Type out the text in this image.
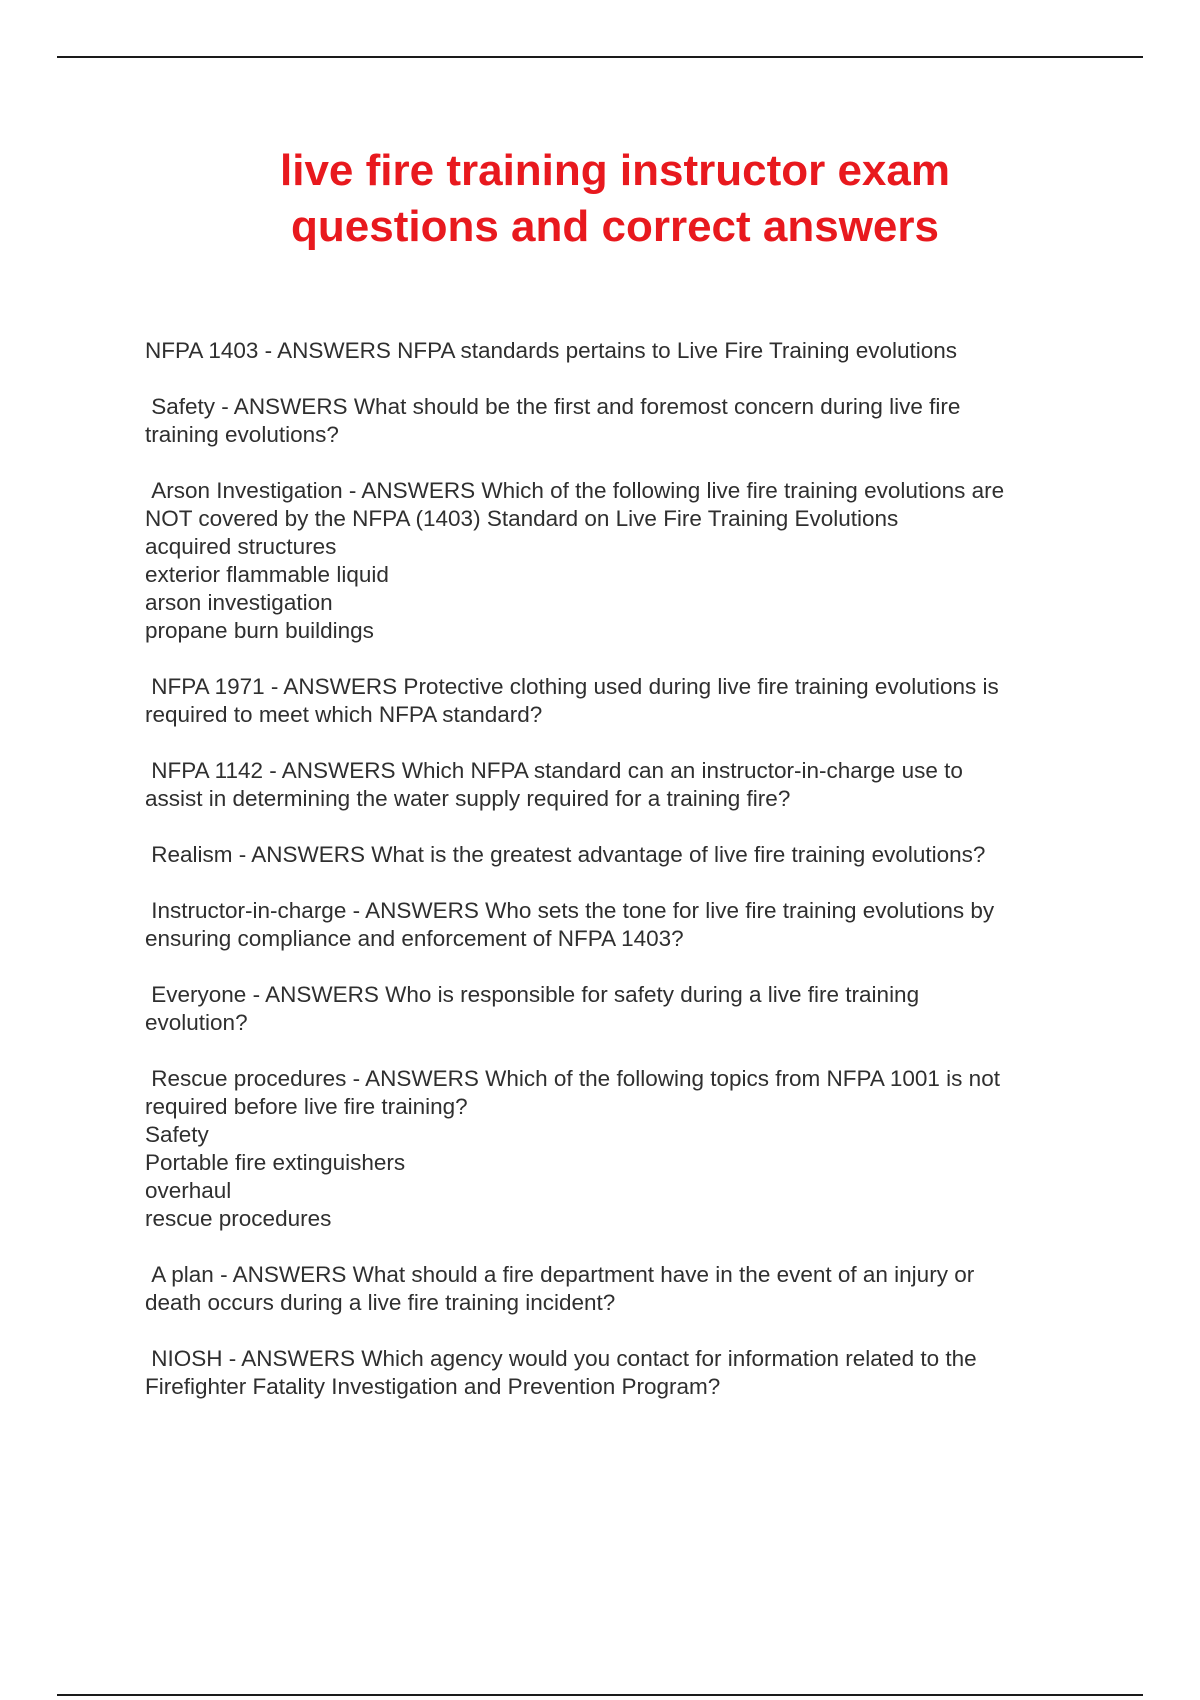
live fire training instructor exam
questions and correct answers
NFPA 1403 - ANSWERS NFPA standards pertains to Live Fire Training evolutions
Safety - ANSWERS What should be the first and foremost concern during live fire
training evolutions?
Arson Investigation - ANSWERS Which of the following live fire training evolutions are
NOT covered by the NFPA (1403) Standard on Live Fire Training Evolutions
acquired structures
exterior flammable liquid
arson investigation
propane burn buildings
NFPA 1971 - ANSWERS Protective clothing used during live fire training evolutions is
required to meet which NFPA standard?
NFPA 1142 - ANSWERS Which NFPA standard can an instructor-in-charge use to
assist in determining the water supply required for a training fire?
Realism - ANSWERS What is the greatest advantage of live fire training evolutions?
Instructor-in-charge - ANSWERS Who sets the tone for live fire training evolutions by
ensuring compliance and enforcement of NFPA 1403?
Everyone - ANSWERS Who is responsible for safety during a live fire training
evolution?
Rescue procedures - ANSWERS Which of the following topics from NFPA 1001 is not
required before live fire training?
Safety
Portable fire extinguishers
overhaul
rescue procedures
A plan - ANSWERS What should a fire department have in the event of an injury or
death occurs during a live fire training incident?
NIOSH - ANSWERS Which agency would you contact for information related to the
Firefighter Fatality Investigation and Prevention Program?
